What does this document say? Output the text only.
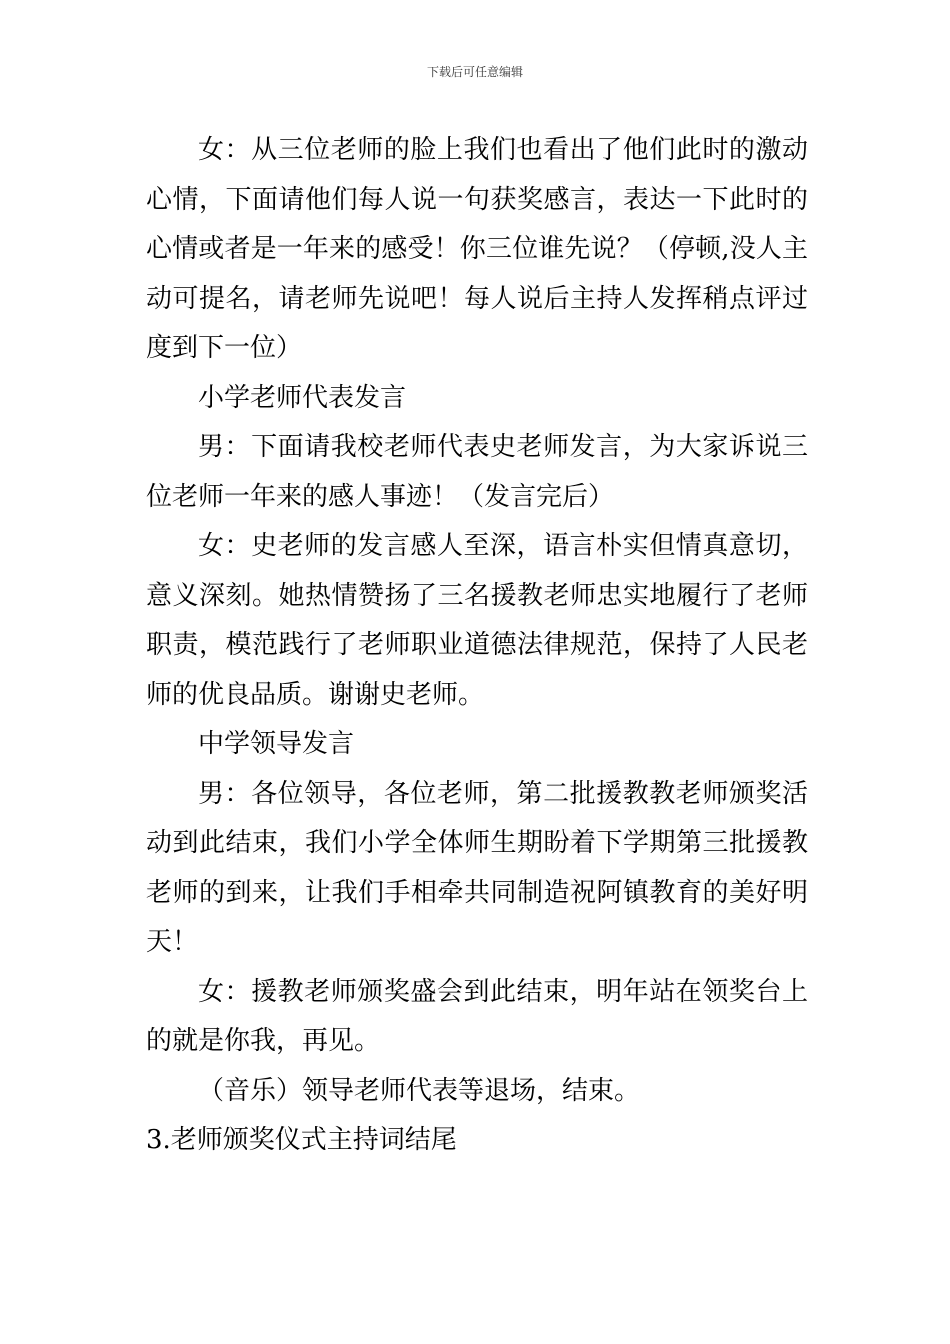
下载后可任意编辑

女：从三位老师的脸上我们也看出了他们此时的激动心情，下面请他们每人说一句获奖感言，表达一下此时的心情或者是一年来的感受！你三位谁先说？（停顿,没人主动可提名，请老师先说吧！每人说后主持人发挥稍点评过度到下一位）

小学老师代表发言

男：下面请我校老师代表史老师发言，为大家诉说三位老师一年来的感人事迹！（发言完后）

女：史老师的发言感人至深，语言朴实但情真意切，意义深刻。她热情赞扬了三名援教老师忠实地履行了老师职责，模范践行了老师职业道德法律规范，保持了人民老师的优良品质。谢谢史老师。

中学领导发言

男：各位领导，各位老师，第二批援教教老师颁奖活动到此结束，我们小学全体师生期盼着下学期第三批援教老师的到来，让我们手相牵共同制造祝阿镇教育的美好明天！

女：援教老师颁奖盛会到此结束，明年站在领奖台上的就是你我，再见。

（音乐）领导老师代表等退场，结束。

3.老师颁奖仪式主持词结尾
